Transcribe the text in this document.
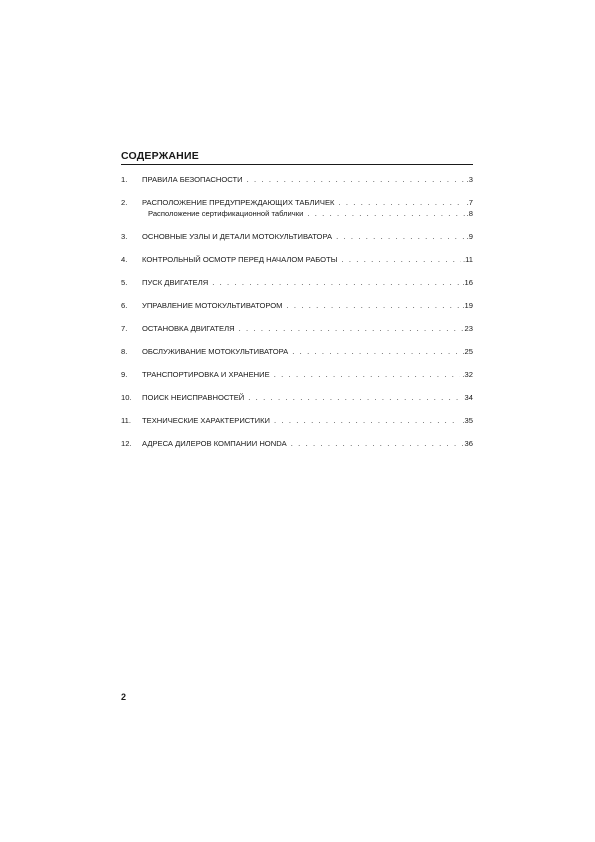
СОДЕРЖАНИЕ
1.	ПРАВИЛА БЕЗОПАСНОСТИ . . .	.3
2.	РАСПОЛОЖЕНИЕ ПРЕДУПРЕЖДАЮЩИХ ТАБЛИЧЕК . . .	.7
Расположение сертификационной таблички . . .	.8
3.	ОСНОВНЫЕ УЗЛЫ И ДЕТАЛИ МОТОКУЛЬТИВАТОРА . . .	.9
4.	КОНТРОЛЬНЫЙ ОСМОТР ПЕРЕД НАЧАЛОМ РАБОТЫ . . .	.11
5.	ПУСК ДВИГАТЕЛЯ . . .	.16
6.	УПРАВЛЕНИЕ МОТОКУЛЬТИВАТОРОМ . . .	.19
7.	ОСТАНОВКА ДВИГАТЕЛЯ . . .	23
8.	ОБСЛУЖИВАНИЕ МОТОКУЛЬТИВАТОРА . . .	.25
9.	ТРАНСПОРТИРОВКА И ХРАНЕНИЕ . . .	.32
10.	ПОИСК НЕИСПРАВНОСТЕЙ . . .	34
11.	ТЕХНИЧЕСКИЕ ХАРАКТЕРИСТИКИ . . .	.35
12.	АДРЕСА ДИЛЕРОВ КОМПАНИИ HONDA . . .	36
2
